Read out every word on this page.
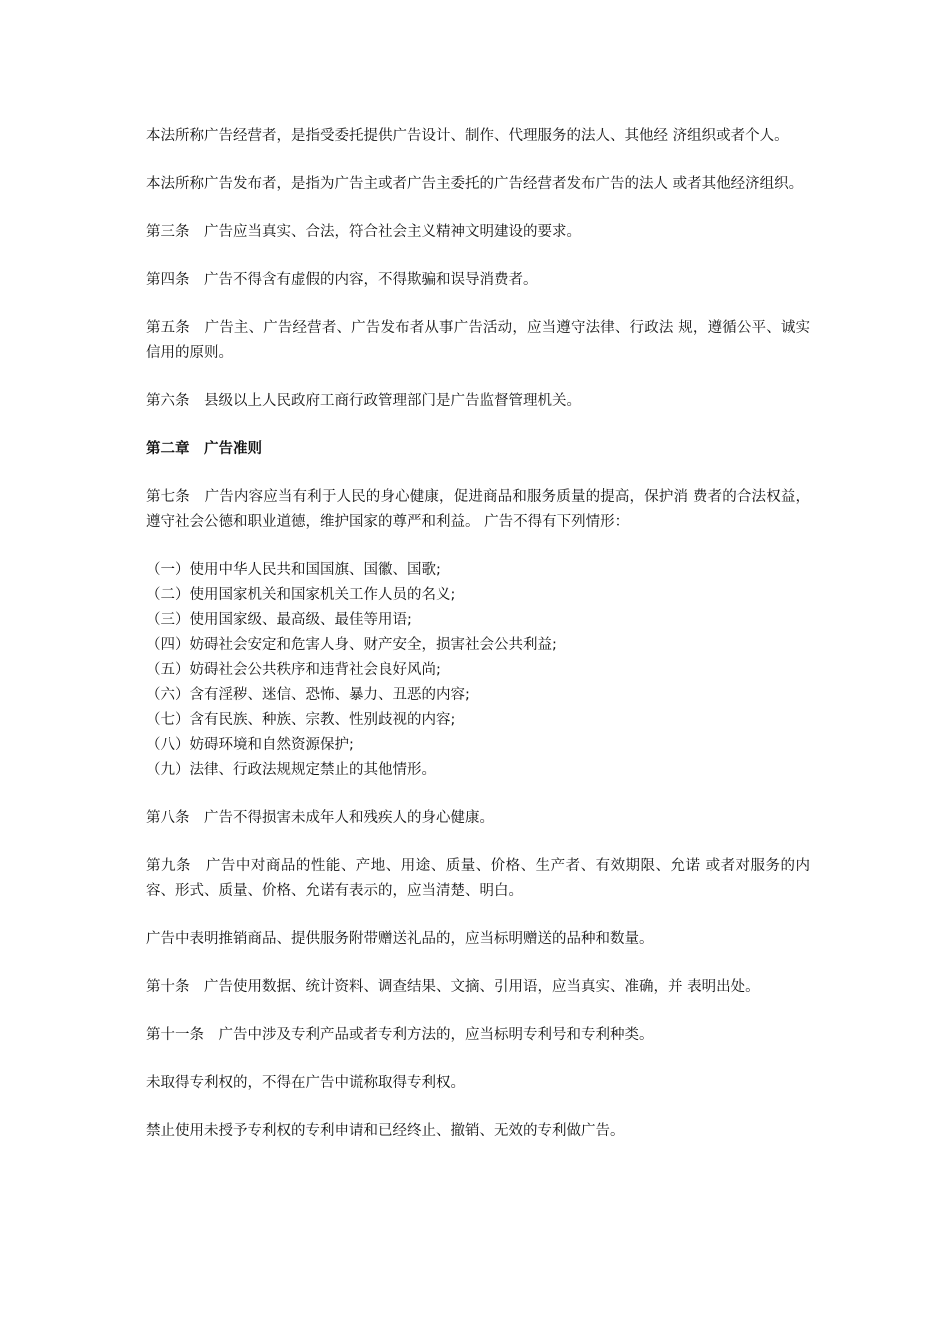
本法所称广告经营者，是指受委托提供广告设计、制作、代理服务的法人、其他经 济组织或者个人。

本法所称广告发布者，是指为广告主或者广告主委托的广告经营者发布广告的法人 或者其他经济组织。

第三条　广告应当真实、合法，符合社会主义精神文明建设的要求。

第四条　广告不得含有虚假的内容，不得欺骗和误导消费者。

第五条　广告主、广告经营者、广告发布者从事广告活动，应当遵守法律、行政法 规，遵循公平、诚实信用的原则。

第六条　县级以上人民政府工商行政管理部门是广告监督管理机关。

第二章　广告准则

第七条　广告内容应当有利于人民的身心健康，促进商品和服务质量的提高，保护消 费者的合法权益，遵守社会公德和职业道德，维护国家的尊严和利益。 广告不得有下列情形：

（一）使用中华人民共和国国旗、国徽、国歌;
（二）使用国家机关和国家机关工作人员的名义;
（三）使用国家级、最高级、最佳等用语;
（四）妨碍社会安定和危害人身、财产安全，损害社会公共利益;
（五）妨碍社会公共秩序和违背社会良好风尚;
（六）含有淫秽、迷信、恐怖、暴力、丑恶的内容;
（七）含有民族、种族、宗教、性别歧视的内容;
（八）妨碍环境和自然资源保护;
（九）法律、行政法规规定禁止的其他情形。

第八条　广告不得损害未成年人和残疾人的身心健康。

第九条　广告中对商品的性能、产地、用途、质量、价格、生产者、有效期限、允诺 或者对服务的内容、形式、质量、价格、允诺有表示的，应当清楚、明白。

广告中表明推销商品、提供服务附带赠送礼品的，应当标明赠送的品种和数量。

第十条　广告使用数据、统计资料、调查结果、文摘、引用语，应当真实、准确，并 表明出处。

第十一条　广告中涉及专利产品或者专利方法的，应当标明专利号和专利种类。

未取得专利权的，不得在广告中谎称取得专利权。

禁止使用未授予专利权的专利申请和已经终止、撤销、无效的专利做广告。
